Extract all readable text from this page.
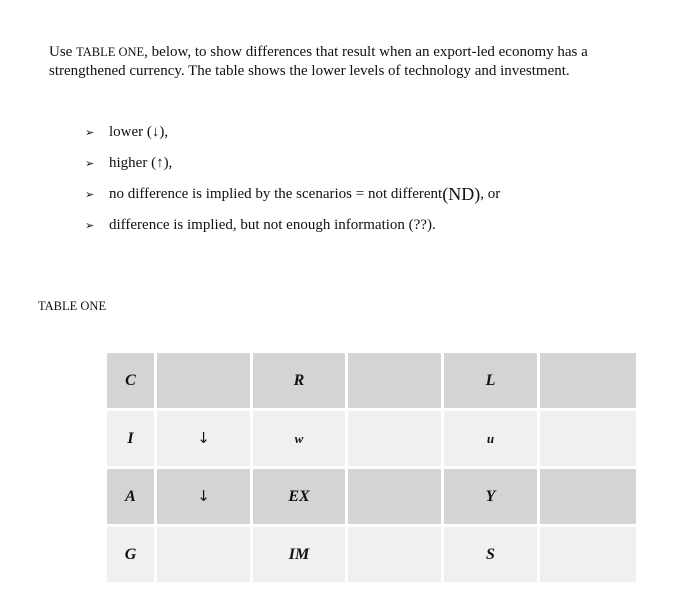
Use TABLE ONE, below, to show differences that result when an export-led economy has a strengthened currency. The table shows the lower levels of technology and investment.
➢ lower (↓),
➢ higher (↑),
➢ no difference is implied by the scenarios = not different (ND) , or
➢ difference is implied, but not enough information (??).
TABLE ONE
C		R		L	
I	↓	w		u	
A	↓	EX		Y	
G		IM		S	
